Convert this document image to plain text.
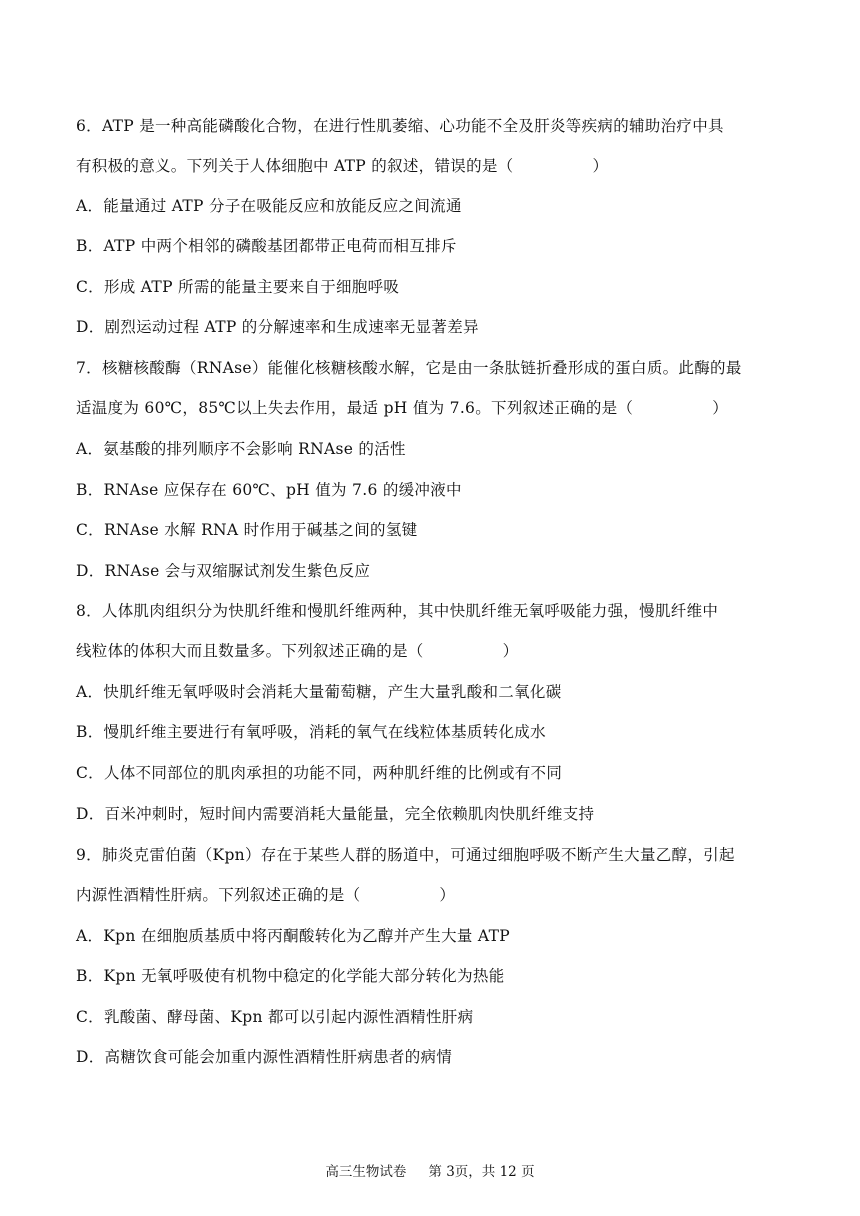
6．ATP 是一种高能磷酸化合物，在进行性肌萎缩、心功能不全及肝炎等疾病的辅助治疗中具
有积极的意义。下列关于人体细胞中 ATP 的叙述，错误的是（　　　　　）
A．能量通过 ATP 分子在吸能反应和放能反应之间流通
B．ATP 中两个相邻的磷酸基团都带正电荷而相互排斥
C．形成 ATP 所需的能量主要来自于细胞呼吸
D．剧烈运动过程 ATP 的分解速率和生成速率无显著差异
7．核糖核酸酶（RNAse）能催化核糖核酸水解，它是由一条肽链折叠形成的蛋白质。此酶的最
适温度为 60℃，85℃以上失去作用，最适 pH 值为 7.6。下列叙述正确的是（　　　　　）
A．氨基酸的排列顺序不会影响 RNAse 的活性
B．RNAse 应保存在 60℃、pH 值为 7.6 的缓冲液中
C．RNAse 水解 RNA 时作用于碱基之间的氢键
D．RNAse 会与双缩脲试剂发生紫色反应
8．人体肌肉组织分为快肌纤维和慢肌纤维两种，其中快肌纤维无氧呼吸能力强，慢肌纤维中
线粒体的体积大而且数量多。下列叙述正确的是（　　　　　）
A．快肌纤维无氧呼吸时会消耗大量葡萄糖，产生大量乳酸和二氧化碳
B．慢肌纤维主要进行有氧呼吸，消耗的氧气在线粒体基质转化成水
C．人体不同部位的肌肉承担的功能不同，两种肌纤维的比例或有不同
D．百米冲刺时，短时间内需要消耗大量能量，完全依赖肌肉快肌纤维支持
9．肺炎克雷伯菌（Kpn）存在于某些人群的肠道中，可通过细胞呼吸不断产生大量乙醇，引起
内源性酒精性肝病。下列叙述正确的是（　　　　　）
A．Kpn 在细胞质基质中将丙酮酸转化为乙醇并产生大量 ATP
B．Kpn 无氧呼吸使有机物中稳定的化学能大部分转化为热能
C．乳酸菌、酵母菌、Kpn 都可以引起内源性酒精性肝病
D．高糖饮食可能会加重内源性酒精性肝病患者的病情
高三生物试卷 第 3页，共 12 页
